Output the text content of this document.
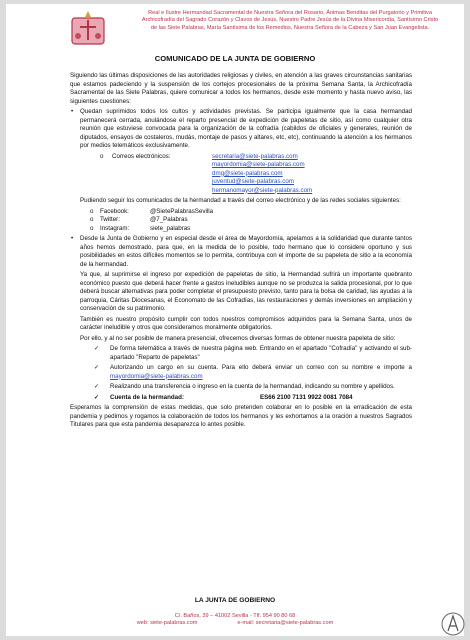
Real e Ilustre Hermandad Sacramental de Nuestra Señora del Rosario, Ánimas Benditas del Purgatorio y Primitiva
Archicofradía del Sagrado Corazón y Clavos de Jesús, Nuestro Padre Jesús de la Divina Misericordia, Santísimo Cristo
de las Siete Palabras, María Santísima de los Remedios, Nuestra Señora de la Cabeza y San Juan Evangelista.
COMUNICADO DE LA JUNTA DE GOBIERNO

Siguiendo las últimas disposiciones de las autoridades religiosas y civiles, en atención a las graves circunstancias sanitarias que estamos padeciendo y la suspensión de los cortejos procesionales de la próxima Semana Santa, la Archicofradía Sacramental de las Siete Palabras, quiere comunicar a todos los hermanos, desde este momento y hasta nuevo aviso, las siguientes cuestiones:

• Quedan suprimidos todos los cultos y actividades previstas. Se participa igualmente que la casa hermandad permanecerá cerrada, anulándose el reparto presencial de expedición de papeletas de sitio, así como cualquier otra reunión que estuviese convocada para la organización de la cofradía (cabildos de oficiales y generales, reunión de diputados, ensayos de costaleros, mudás, montaje de pasos y altares, etc, etc), continuando la atención a los hermanos por medios telemáticos exclusivamente.

o	Correos electrónicos:	secretaria@siete-palabras.com
mayordomia@siete-palabras.com
dmg@siete-palabras.com
juventud@siete-palabras.com
hermanomayor@siete-palabras.com

Pudiendo seguir los comunicados de la hermandad a través del correo electrónico y de las redes sociales siguientes:

o	Facebook:	@SietePalabrasSevilla
o	Twitter:	@7_Palabras
o	Instagram:	siete_palabras
• Desde la Junta de Gobierno y en especial desde el área de Mayordomía, apelamos a la solidaridad que durante tantos años hemos demostrado, para que, en la medida de lo posible, todo hermano que lo considere oportuno y sus posibilidades en estos difíciles momentos se lo permita, contribuya con el importe de su papeleta de sitio a la economía de la hermandad.

Ya que, al suprimirse el ingreso por expedición de papeletas de sitio, la Hermandad sufrirá un importante quebranto económico puesto que deberá hacer frente a gastos ineludibles aunque no se produzca la salida procesional, por lo que deberá buscar alternativas para poder completar el presupuesto previsto, tanto para la bolsa de caridad, las ayudas a la parroquia, Cáritas Diocesanas, el Economato de las Cofradías, las restauraciones y demás inversiones en ampliación y conservación de su patrimonio.

También es nuestro propósito cumplir con todos nuestros compromisos adquiridos para la Semana Santa, unos de carácter ineludible y otros que consideramos moralmente obligatorios.

Por ello, y al no ser posible de manera presencial, ofrecemos diversas formas de obtener nuestra papeleta de sitio:

✓ De forma telemática a través de nuestra página web. Entrando en el apartado "Cofradía" y activando el sub-apartado "Reparto de papeletas"
✓ Autorizando un cargo en su cuenta. Para ello deberá enviar un correo con su nombre e importe a mayordomia@siete-palabras.com
✓ Realizando una transferencia o ingreso en la cuenta de la hermandad, indicando su nombre y apellidos.
✓ Cuenta de la hermandad:	ES66 2100 7131 9922 0081 7084

Esperamos la comprensión de estas medidas, que solo pretenden colaborar en lo posible en la erradicación de esta pandemia y pedimos y rogamos la colaboración de todos los hermanos y les exhortamos a la oración a nuestros Sagrados Titulares para que esta pandemia desaparezca lo antes posible.

LA JUNTA DE GOBIERNO
C/. Baños, 39 – 41002 Sevilla - Tlf. 954 90 80 68
web: siete-palabras.com	e-mail: secretaria@siete-palabras.com
